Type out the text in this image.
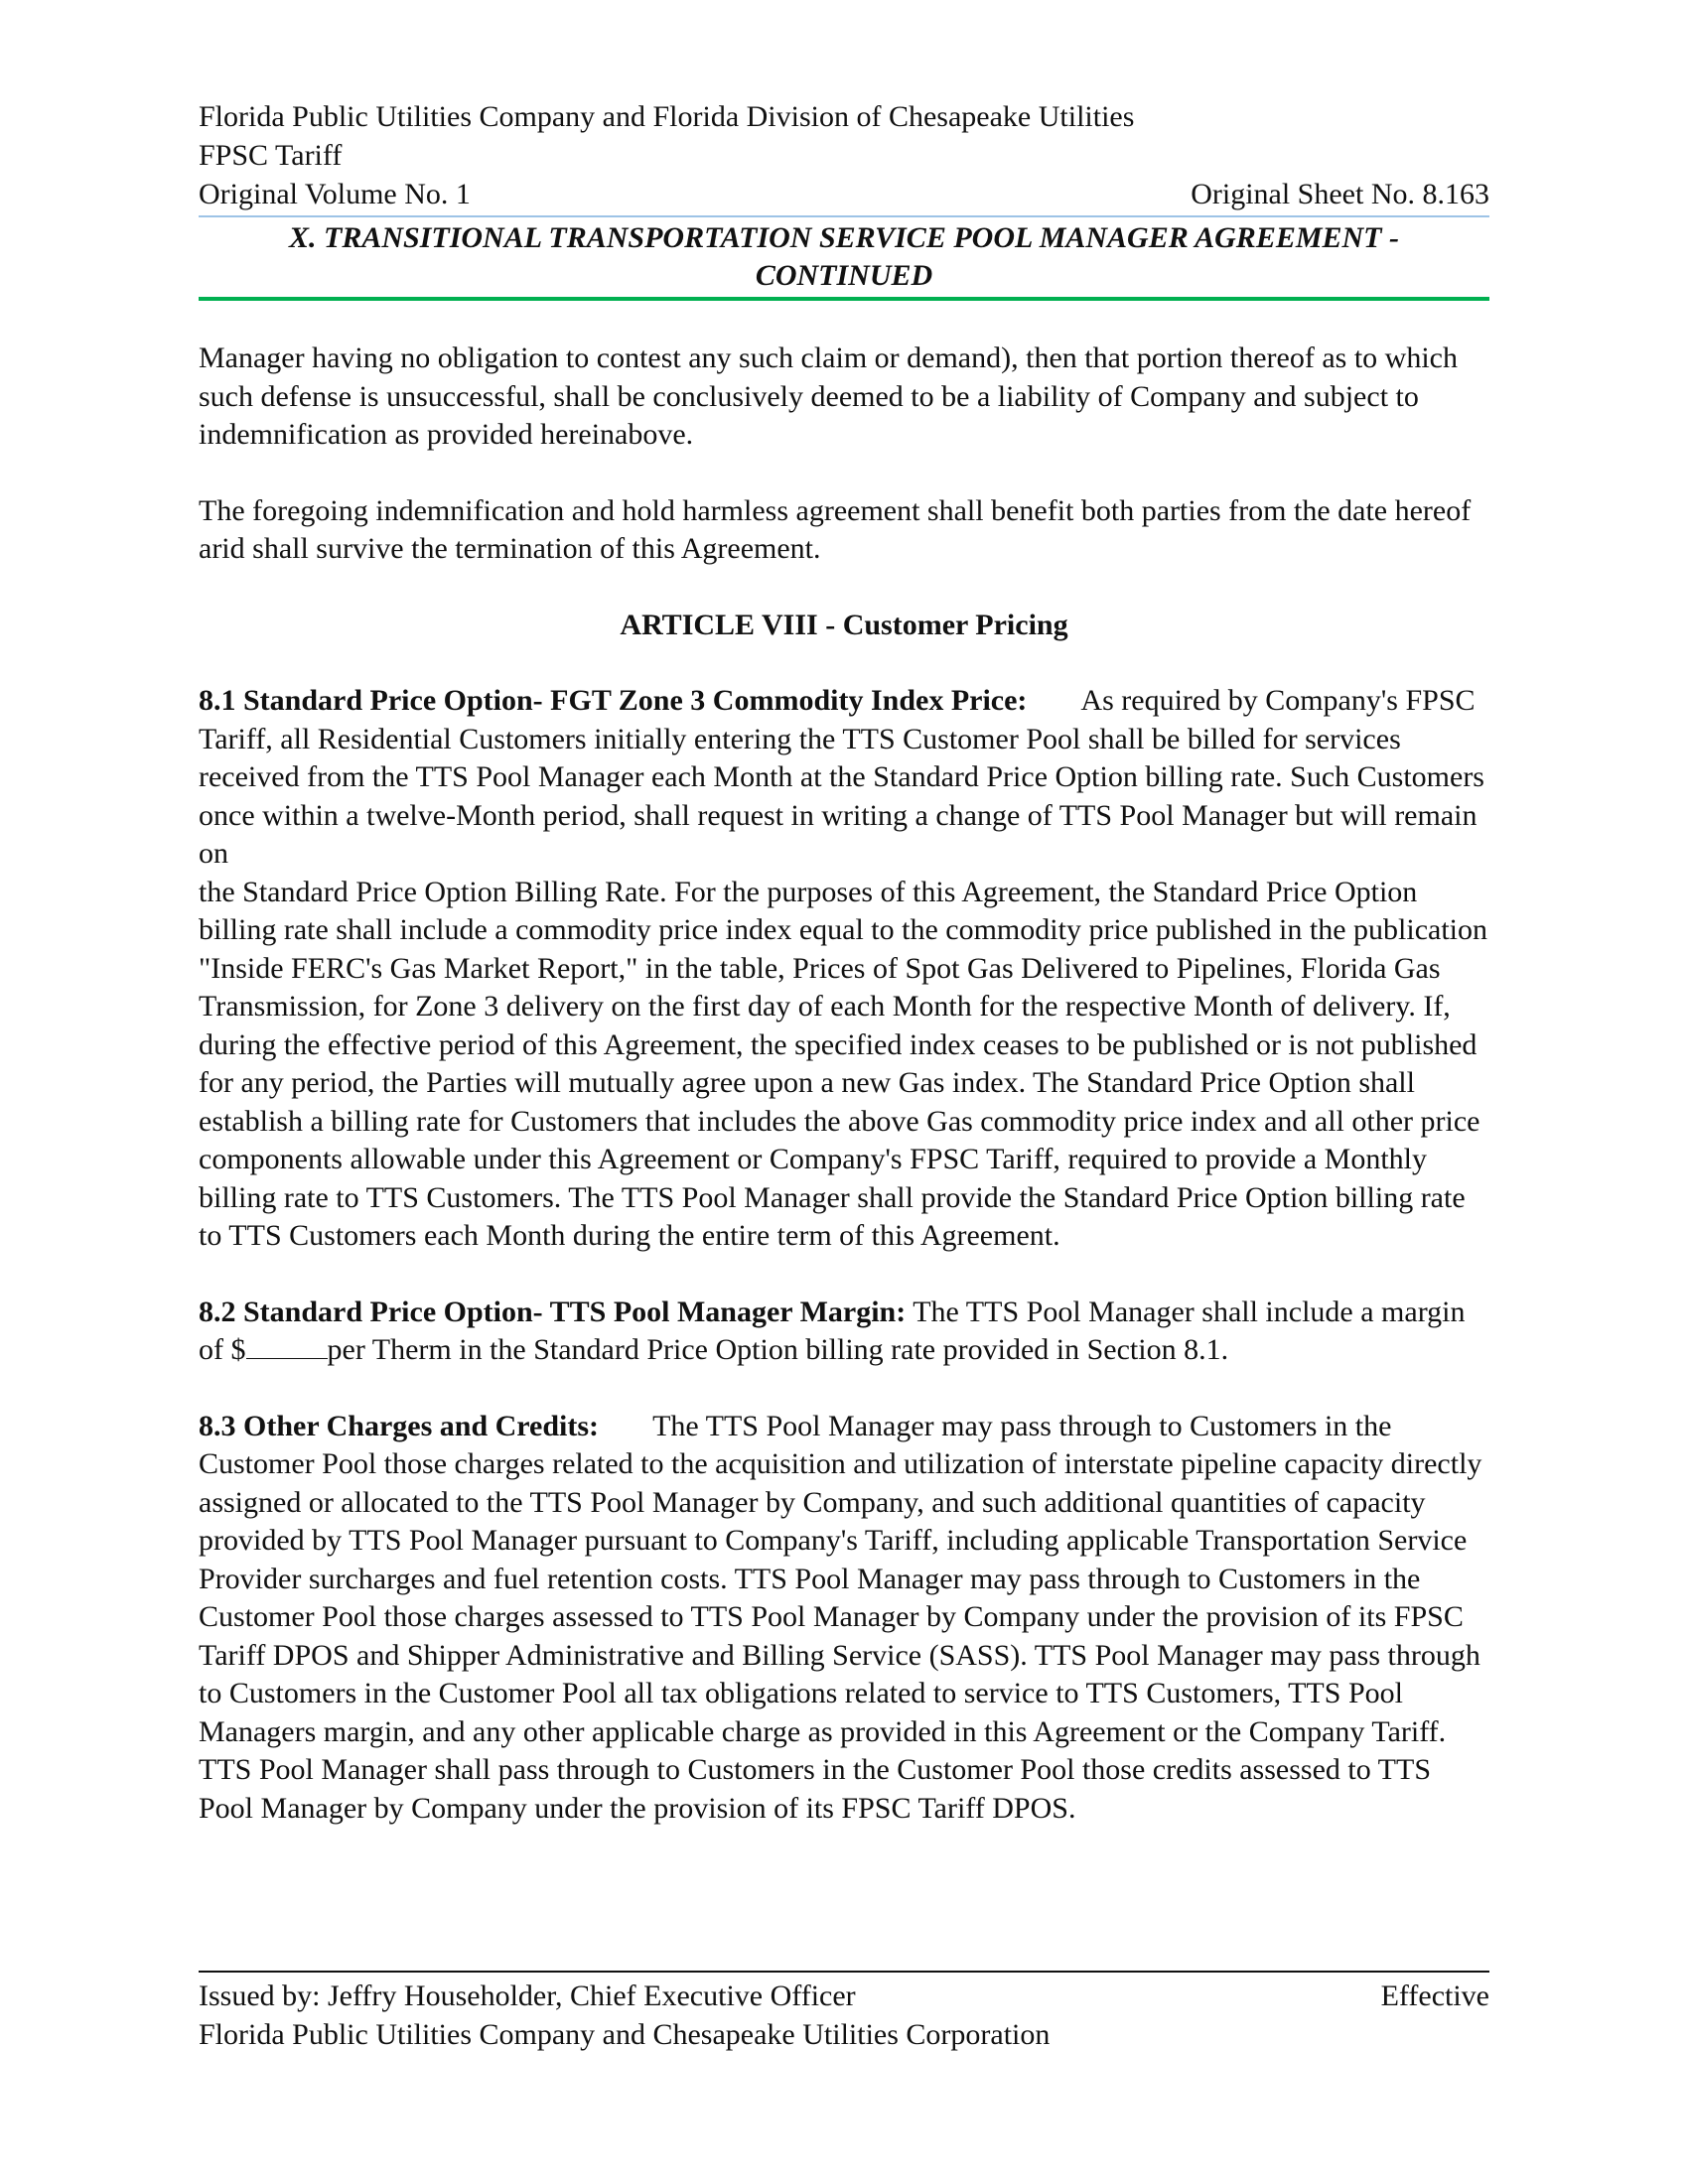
Florida Public Utilities Company and Florida Division of Chesapeake Utilities
FPSC Tariff
Original Volume No. 1	Original Sheet No. 8.163
X. TRANSITIONAL TRANSPORTATION SERVICE POOL MANAGER AGREEMENT -
CONTINUED

Manager having no obligation to contest any such claim or demand), then that portion thereof as to which such defense is unsuccessful, shall be conclusively deemed to be a liability of Company and subject to indemnification as provided hereinabove.

The foregoing indemnification and hold harmless agreement shall benefit both parties from the date hereof arid shall survive the termination of this Agreement.

ARTICLE VIII - Customer Pricing

8.1 Standard Price Option- FGT Zone 3 Commodity Index Price: As required by Company's FPSC Tariff, all Residential Customers initially entering the TTS Customer Pool shall be billed for services received from the TTS Pool Manager each Month at the Standard Price Option billing rate. Such Customers once within a twelve-Month period, shall request in writing a change of TTS Pool Manager but will remain on
the Standard Price Option Billing Rate. For the purposes of this Agreement, the Standard Price Option billing rate shall include a commodity price index equal to the commodity price published in the publication "Inside FERC's Gas Market Report," in the table, Prices of Spot Gas Delivered to Pipelines, Florida Gas Transmission, for Zone 3 delivery on the first day of each Month for the respective Month of delivery. If, during the effective period of this Agreement, the specified index ceases to be published or is not published for any period, the Parties will mutually agree upon a new Gas index. The Standard Price Option shall establish a billing rate for Customers that includes the above Gas commodity price index and all other price components allowable under this Agreement or Company's FPSC Tariff, required to provide a Monthly billing rate to TTS Customers. The TTS Pool Manager shall provide the Standard Price Option billing rate to TTS Customers each Month during the entire term of this Agreement.

8.2 Standard Price Option- TTS Pool Manager Margin: The TTS Pool Manager shall include a margin of $	per Therm in the Standard Price Option billing rate provided in Section 8.1.

8.3 Other Charges and Credits: The TTS Pool Manager may pass through to Customers in the Customer Pool those charges related to the acquisition and utilization of interstate pipeline capacity directly assigned or allocated to the TTS Pool Manager by Company, and such additional quantities of capacity provided by TTS Pool Manager pursuant to Company's Tariff, including applicable Transportation Service Provider surcharges and fuel retention costs. TTS Pool Manager may pass through to Customers in the Customer Pool those charges assessed to TTS Pool Manager by Company under the provision of its FPSC Tariff DPOS and Shipper Administrative and Billing Service (SASS). TTS Pool Manager may pass through to Customers in the Customer Pool all tax obligations related to service to TTS Customers, TTS Pool Managers margin, and any other applicable charge as provided in this Agreement or the Company Tariff. TTS Pool Manager shall pass through to Customers in the Customer Pool those credits assessed to TTS Pool Manager by Company under the provision of its FPSC Tariff DPOS.

Issued by: Jeffry Householder, Chief Executive Officer	Effective
Florida Public Utilities Company and Chesapeake Utilities Corporation
